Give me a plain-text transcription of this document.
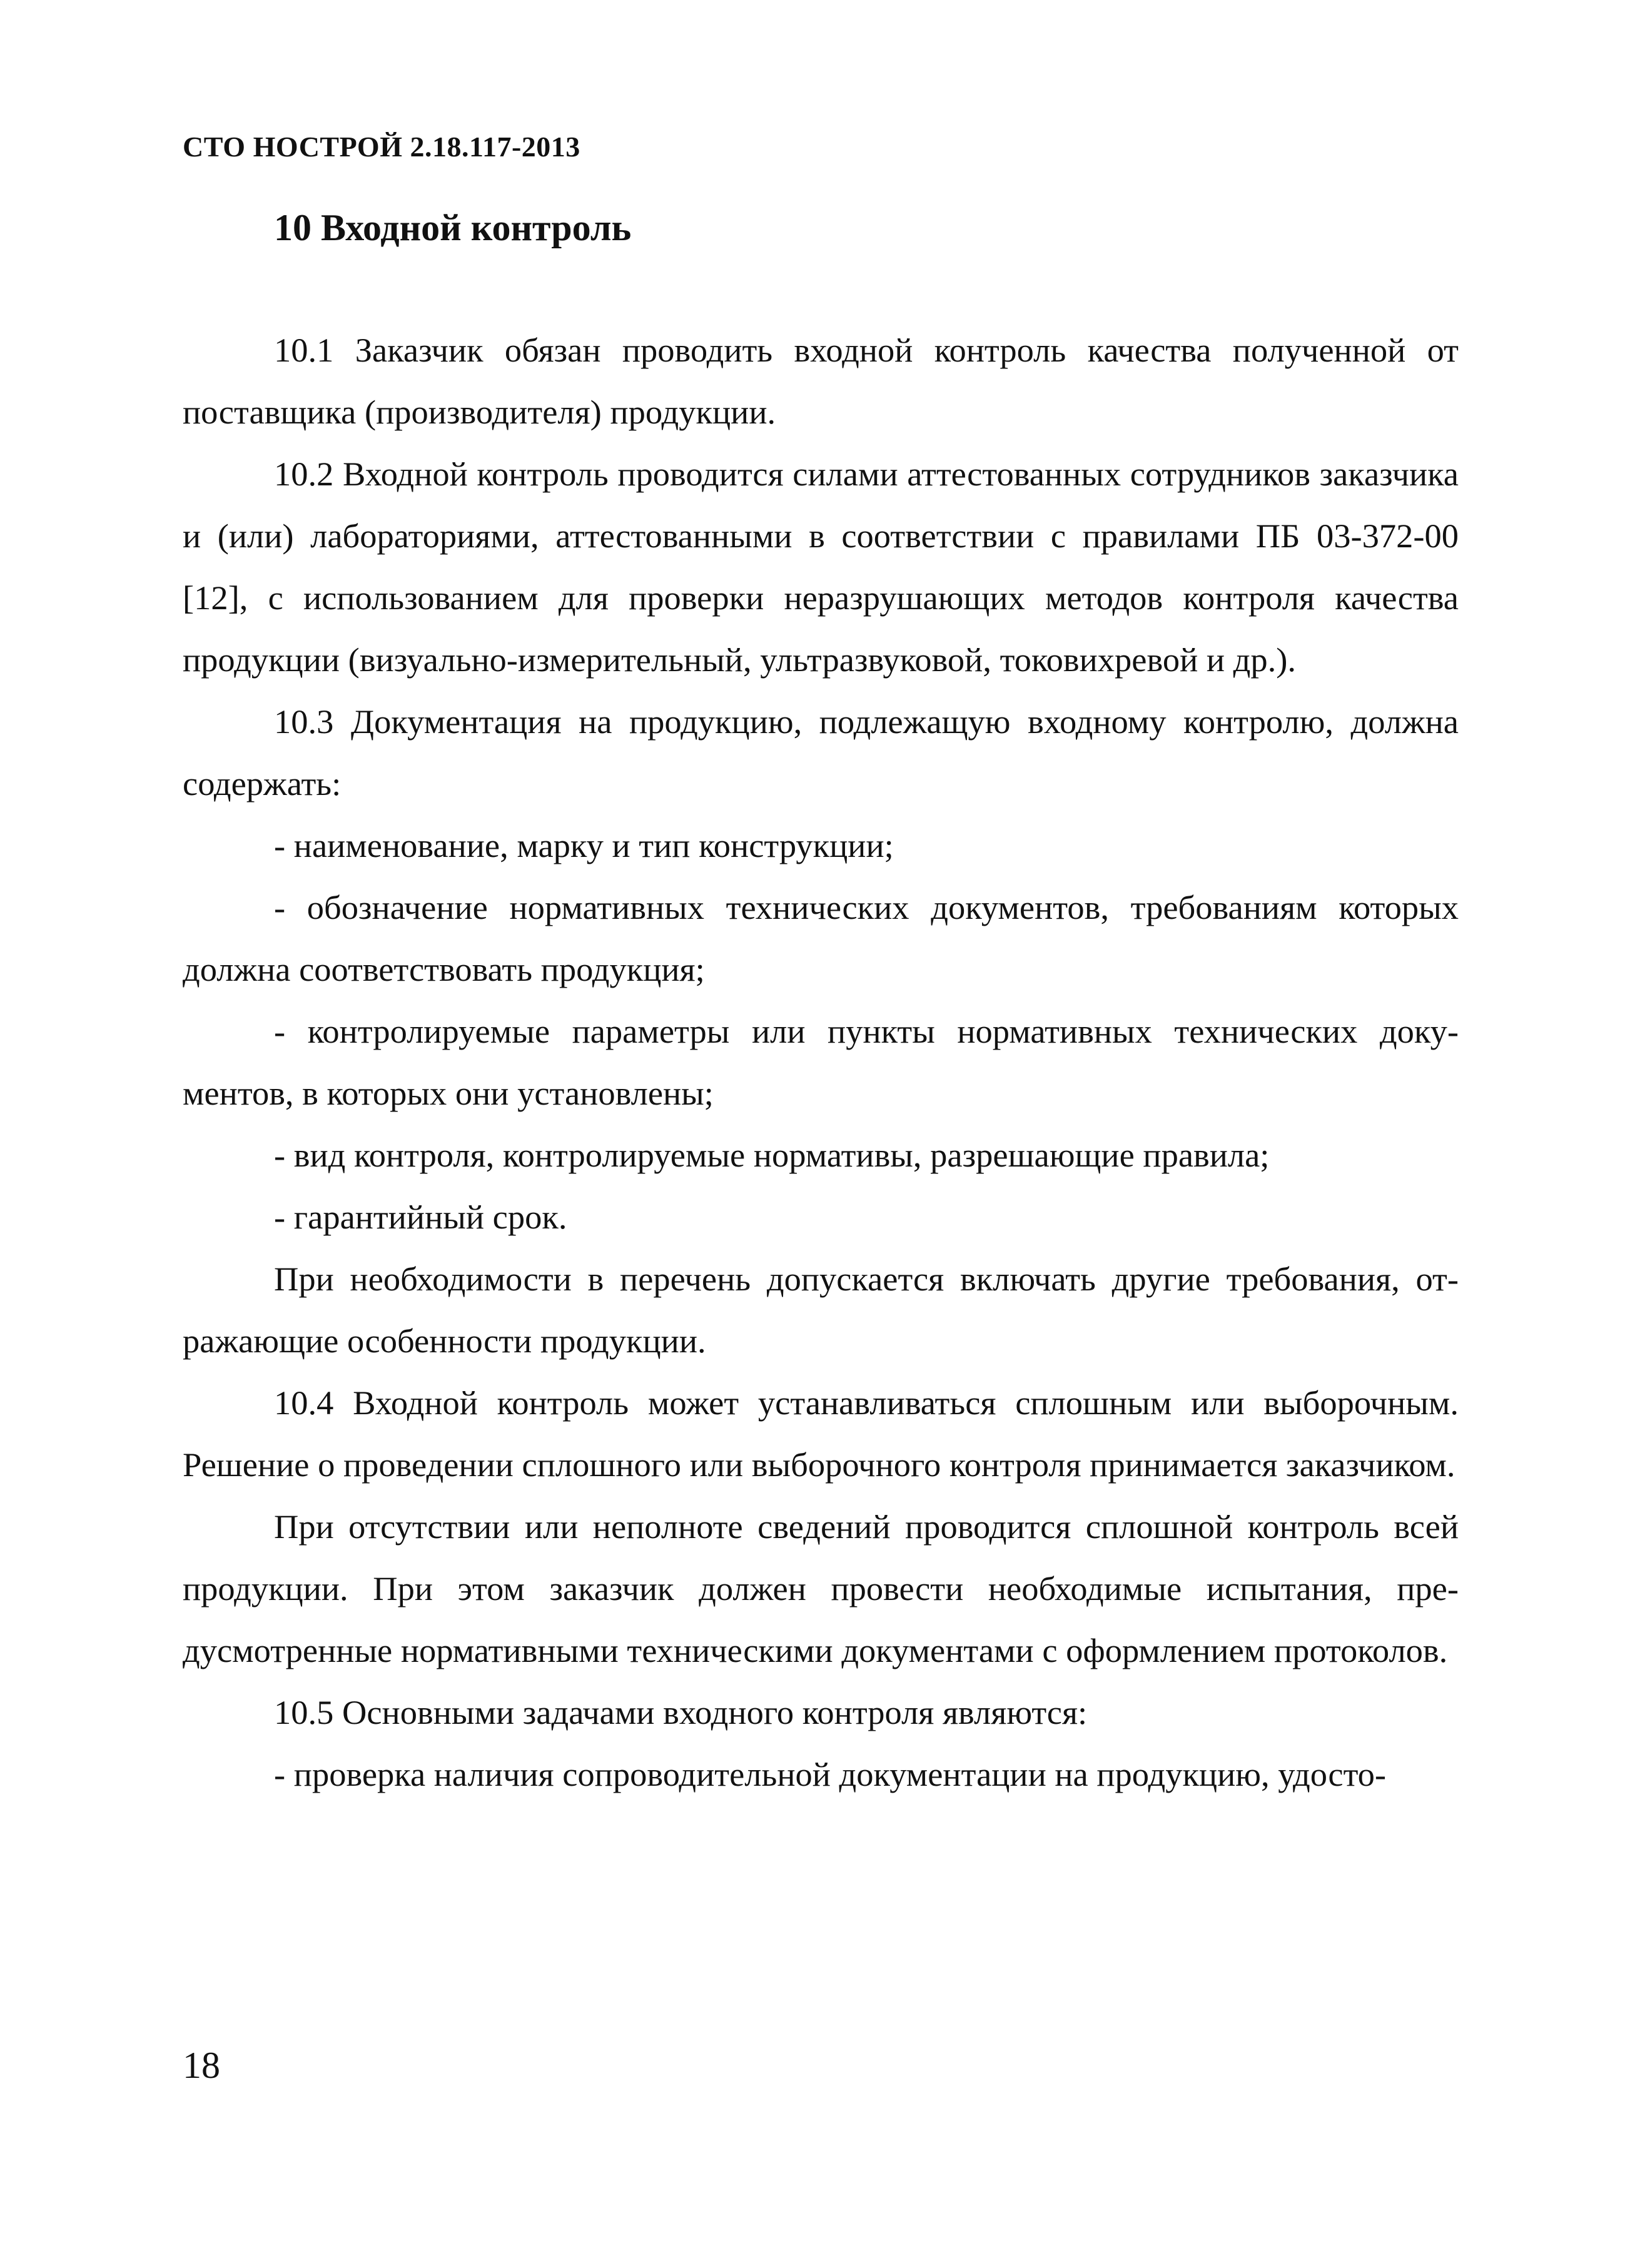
СТО НОСТРОЙ 2.18.117-2013
10 Входной контроль

10.1 Заказчик обязан проводить входной контроль качества полученной от поставщика (производителя) продукции.

10.2 Входной контроль проводится силами аттестованных сотрудников заказчика и (или) лабораториями, аттестованными в соответствии с правилами ПБ 03-372-00 [12], с использованием для проверки неразрушающих методов контроля качества продукции (визуально-измерительный, ультразвуковой, токовихревой и др.).

10.3 Документация на продукцию, подлежащую входному контролю, должна содержать:

- наименование, марку и тип конструкции;

- обозначение нормативных технических документов, требованиям которых должна соответствовать продукция;

- контролируемые параметры или пункты нормативных технических документов, в которых они установлены;

- вид контроля, контролируемые нормативы, разрешающие правила;

- гарантийный срок.

При необходимости в перечень допускается включать другие требования, отражающие особенности продукции.

10.4 Входной контроль может устанавливаться сплошным или выборочным. Решение о проведении сплошного или выборочного контроля принимается заказчиком.

При отсутствии или неполноте сведений проводится сплошной контроль всей продукции. При этом заказчик должен провести необходимые испытания, предусмотренные нормативными техническими документами с оформлением протоколов.

10.5 Основными задачами входного контроля являются:

- проверка наличия сопроводительной документации на продукцию, удосто-

18
